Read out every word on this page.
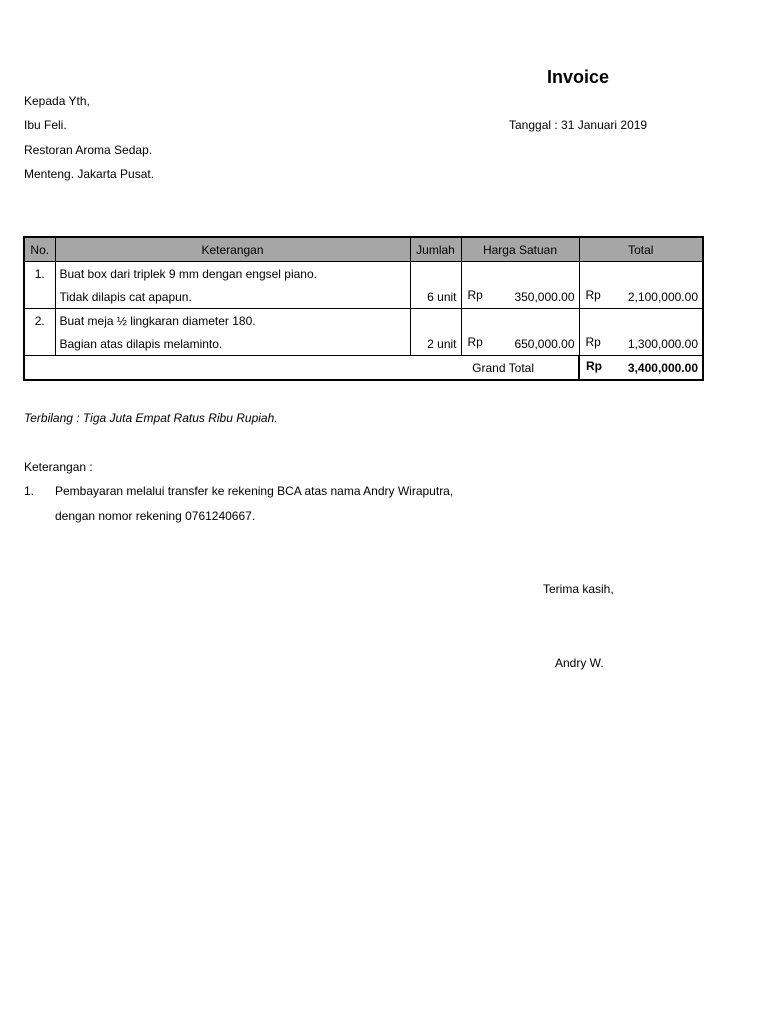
Invoice
Kepada Yth,
Ibu Feli.
Restoran Aroma Sedap.
Menteng. Jakarta Pusat.
Tanggal : 31 Januari 2019
No.	Keterangan	Jumlah	Harga Satuan	Total
1.	Buat box dari triplek 9 mm dengan engsel piano.			
	Tidak dilapis cat apapun.	6 unit	Rp 350,000.00	Rp 2,100,000.00

2.	Buat meja ½ lingkaran diameter 180.			
	Bagian atas dilapis melaminto.	2 unit	Rp 650,000.00	Rp 1,300,000.00

Grand Total				Rp 3,400,000.00
Terbilang : Tiga Juta Empat Ratus Ribu Rupiah.
Keterangan :
1. Pembayaran melalui transfer ke rekening BCA atas nama Andry Wiraputra,
dengan nomor rekening 0761240667.
Terima kasih,
Andry W.
